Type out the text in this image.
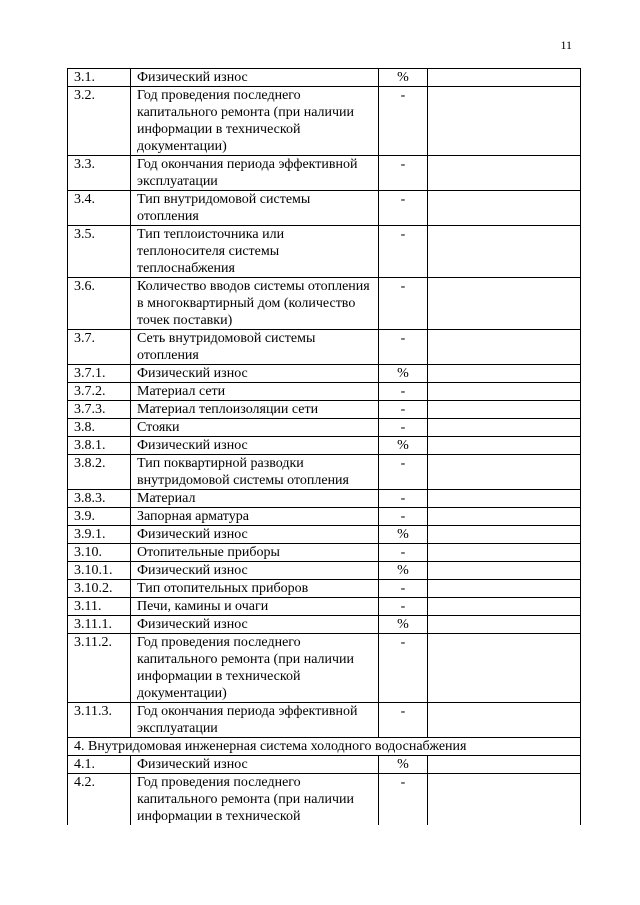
11
3.1.	Физический износ	%	
3.2.	Год проведения последнего капитального ремонта (при наличии информации в технической документации)	-	
3.3.	Год окончания периода эффективной эксплуатации	-	
3.4.	Тип внутридомовой системы отопления	-	
3.5.	Тип теплоисточника или теплоносителя системы теплоснабжения	-	
3.6.	Количество вводов системы отопления в многоквартирный дом (количество точек поставки)	-	
3.7.	Сеть внутридомовой системы отопления	-	
3.7.1.	Физический износ	%	
3.7.2.	Материал сети	-	
3.7.3.	Материал теплоизоляции сети	-	
3.8.	Стояки	-	
3.8.1.	Физический износ	%	
3.8.2.	Тип поквартирной разводки внутридомовой системы отопления	-	
3.8.3.	Материал	-	
3.9.	Запорная арматура	-	
3.9.1.	Физический износ	%	
3.10.	Отопительные приборы	-	
3.10.1.	Физический износ	%	
3.10.2.	Тип отопительных приборов	-	
3.11.	Печи, камины и очаги	-	
3.11.1.	Физический износ	%	
3.11.2.	Год проведения последнего капитального ремонта (при наличии информации в технической документации)	-	
3.11.3.	Год окончания периода эффективной эксплуатации	-	
4. Внутридомовая инженерная система холодного водоснабжения			
4.1.	Физический износ	%	
4.2.	Год проведения последнего капитального ремонта (при наличии информации в технической	-	
